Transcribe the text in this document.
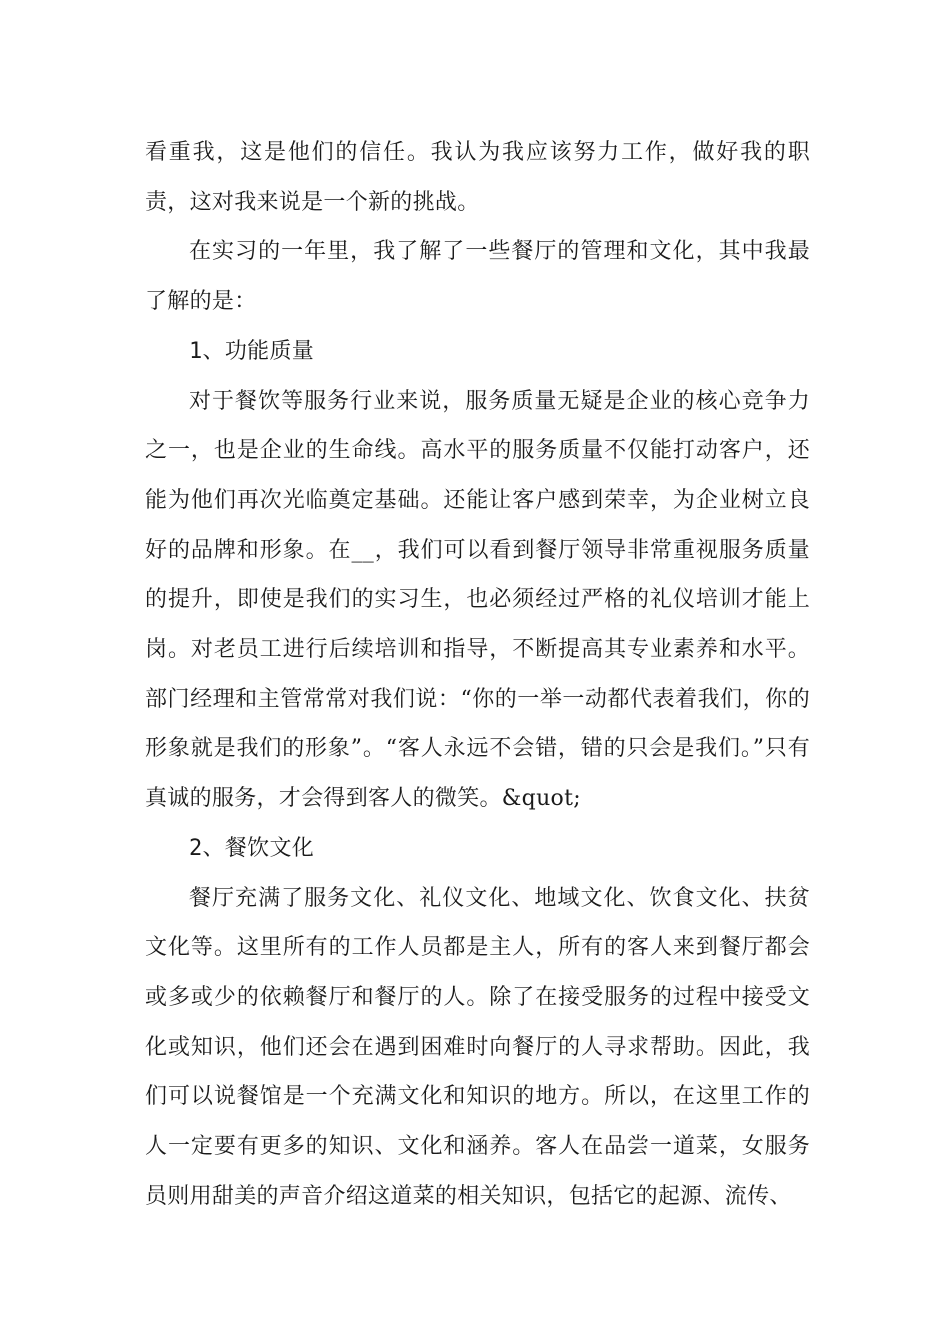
看重我，这是他们的信任。我认为我应该努力工作，做好我的职责，这对我来说是一个新的挑战。

在实习的一年里，我了解了一些餐厅的管理和文化，其中我最了解的是：

1、功能质量

对于餐饮等服务行业来说，服务质量无疑是企业的核心竞争力之一，也是企业的生命线。高水平的服务质量不仅能打动客户，还能为他们再次光临奠定基础。还能让客户感到荣幸，为企业树立良好的品牌和形象。在__，我们可以看到餐厅领导非常重视服务质量的提升，即使是我们的实习生，也必须经过严格的礼仪培训才能上岗。对老员工进行后续培训和指导，不断提高其专业素养和水平。部门经理和主管常常对我们说：“你的一举一动都代表着我们，你的形象就是我们的形象”。“客人永远不会错，错的只会是我们。”只有真诚的服务，才会得到客人的微笑。&quot;

2、餐饮文化

餐厅充满了服务文化、礼仪文化、地域文化、饮食文化、扶贫文化等。这里所有的工作人员都是主人，所有的客人来到餐厅都会或多或少的依赖餐厅和餐厅的人。除了在接受服务的过程中接受文化或知识，他们还会在遇到困难时向餐厅的人寻求帮助。因此，我们可以说餐馆是一个充满文化和知识的地方。所以，在这里工作的人一定要有更多的知识、文化和涵养。客人在品尝一道菜，女服务员则用甜美的声音介绍这道菜的相关知识，包括它的起源、流传、
